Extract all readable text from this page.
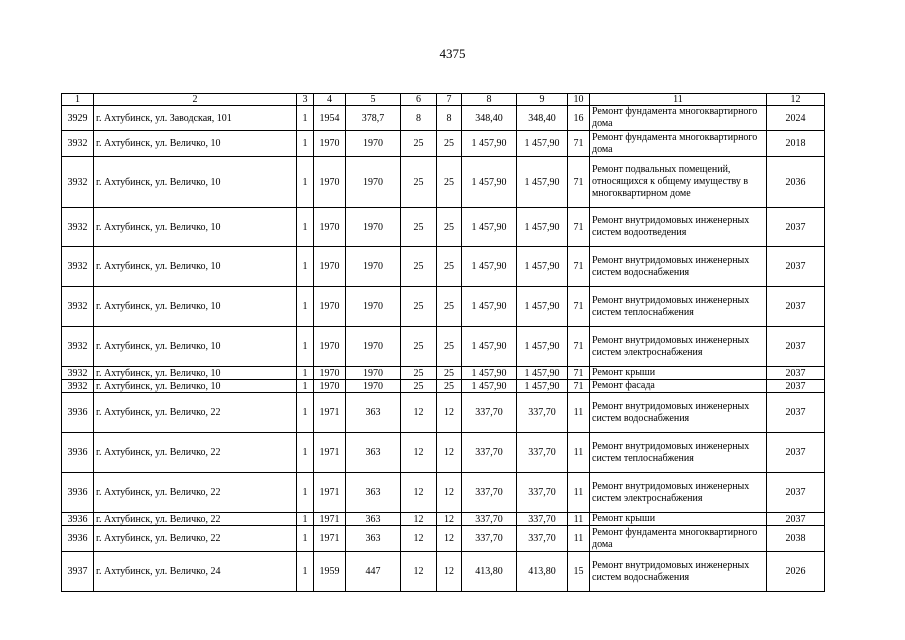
4375
1	2	3	4	5	6	7	8	9	10	11	12
3929	г. Ахтубинск, ул. Заводская, 101	1	1954	378,7	8	8	348,40	348,40	16	Ремонт фундамента многоквартирного дома	2024
3932	г. Ахтубинск, ул. Величко, 10	1	1970	1970	25	25	1 457,90	1 457,90	71	Ремонт фундамента многоквартирного дома	2018
3932	г. Ахтубинск, ул. Величко, 10	1	1970	1970	25	25	1 457,90	1 457,90	71	Ремонт подвальных помещений, относящихся к общему имуществу в многоквартирном доме	2036
3932	г. Ахтубинск, ул. Величко, 10	1	1970	1970	25	25	1 457,90	1 457,90	71	Ремонт внутридомовых инженерных систем водоотведения	2037
3932	г. Ахтубинск, ул. Величко, 10	1	1970	1970	25	25	1 457,90	1 457,90	71	Ремонт внутридомовых инженерных систем водоснабжения	2037
3932	г. Ахтубинск, ул. Величко, 10	1	1970	1970	25	25	1 457,90	1 457,90	71	Ремонт внутридомовых инженерных систем теплоснабжения	2037
3932	г. Ахтубинск, ул. Величко, 10	1	1970	1970	25	25	1 457,90	1 457,90	71	Ремонт внутридомовых инженерных систем электроснабжения	2037
3932	г. Ахтубинск, ул. Величко, 10	1	1970	1970	25	25	1 457,90	1 457,90	71	Ремонт крыши	2037
3932	г. Ахтубинск, ул. Величко, 10	1	1970	1970	25	25	1 457,90	1 457,90	71	Ремонт фасада	2037
3936	г. Ахтубинск, ул. Величко, 22	1	1971	363	12	12	337,70	337,70	11	Ремонт внутридомовых инженерных систем водоснабжения	2037
3936	г. Ахтубинск, ул. Величко, 22	1	1971	363	12	12	337,70	337,70	11	Ремонт внутридомовых инженерных систем теплоснабжения	2037
3936	г. Ахтубинск, ул. Величко, 22	1	1971	363	12	12	337,70	337,70	11	Ремонт внутридомовых инженерных систем электроснабжения	2037
3936	г. Ахтубинск, ул. Величко, 22	1	1971	363	12	12	337,70	337,70	11	Ремонт крыши	2037
3936	г. Ахтубинск, ул. Величко, 22	1	1971	363	12	12	337,70	337,70	11	Ремонт фундамента многоквартирного дома	2038
3937	г. Ахтубинск, ул. Величко, 24	1	1959	447	12	12	413,80	413,80	15	Ремонт внутридомовых инженерных систем водоснабжения	2026
